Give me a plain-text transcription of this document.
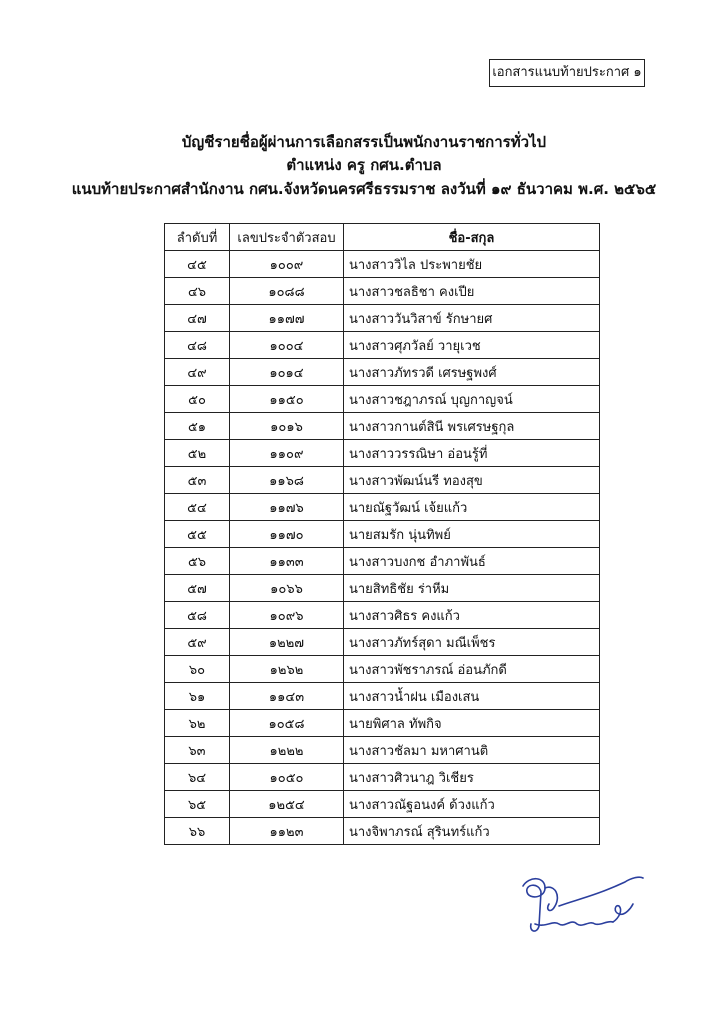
เอกสารแนบท้ายประกาศ ๑
บัญชีรายชื่อผู้ผ่านการเลือกสรรเป็นพนักงานราชการทั่วไป
ตำแหน่ง ครู กศน.ตำบล
แนบท้ายประกาศสำนักงาน กศน.จังหวัดนครศรีธรรมราช ลงวันที่ ๑๙ ธันวาคม พ.ศ. ๒๕๖๕
ลำดับที่	เลขประจำตัวสอบ	ชื่อ-สกุล
๔๕	๑๐๐๙	นางสาววิไล ประพายชัย
๔๖	๑๐๘๘	นางสาวชลธิชา คงเปีย
๔๗	๑๑๗๗	นางสาววันวิสาข์ รักษายศ
๔๘	๑๐๐๔	นางสาวศุภวัลย์ วายุเวช
๔๙	๑๐๑๔	นางสาวภัทรวดี เศรษฐพงศ์
๕๐	๑๑๕๐	นางสาวชฎาภรณ์ บุญกาญจน์
๕๑	๑๐๑๖	นางสาวกานต์สินี พรเศรษฐกุล
๕๒	๑๑๐๙	นางสาววรรณิษา อ่อนรู้ที่
๕๓	๑๑๖๘	นางสาวพัฒน์นรี ทองสุข
๕๔	๑๑๗๖	นายณัฐวัฒน์ เจ้ยแก้ว
๕๕	๑๑๗๐	นายสมรัก นุ่นทิพย์
๕๖	๑๑๓๓	นางสาวบงกช อำภาพันธ์
๕๗	๑๐๖๖	นายสิทธิชัย ร่าหีม
๕๘	๑๐๙๖	นางสาวศิธร คงแก้ว
๕๙	๑๒๒๗	นางสาวภัทร์สุดา มณีเพ็ชร
๖๐	๑๒๖๒	นางสาวพัชราภรณ์ อ่อนภักดี
๖๑	๑๑๔๓	นางสาวน้ำฝน เมืองเสน
๖๒	๑๐๕๘	นายพิศาล ทัพกิจ
๖๓	๑๒๒๒	นางสาวชัลมา มหาศานติ
๖๔	๑๐๕๐	นางสาวศิวนาฎ วิเชียร
๖๕	๑๒๕๔	นางสาวณัฐอนงค์ ด้วงแก้ว
๖๖	๑๑๒๓	นางจิพาภรณ์ สุรินทร์แก้ว
